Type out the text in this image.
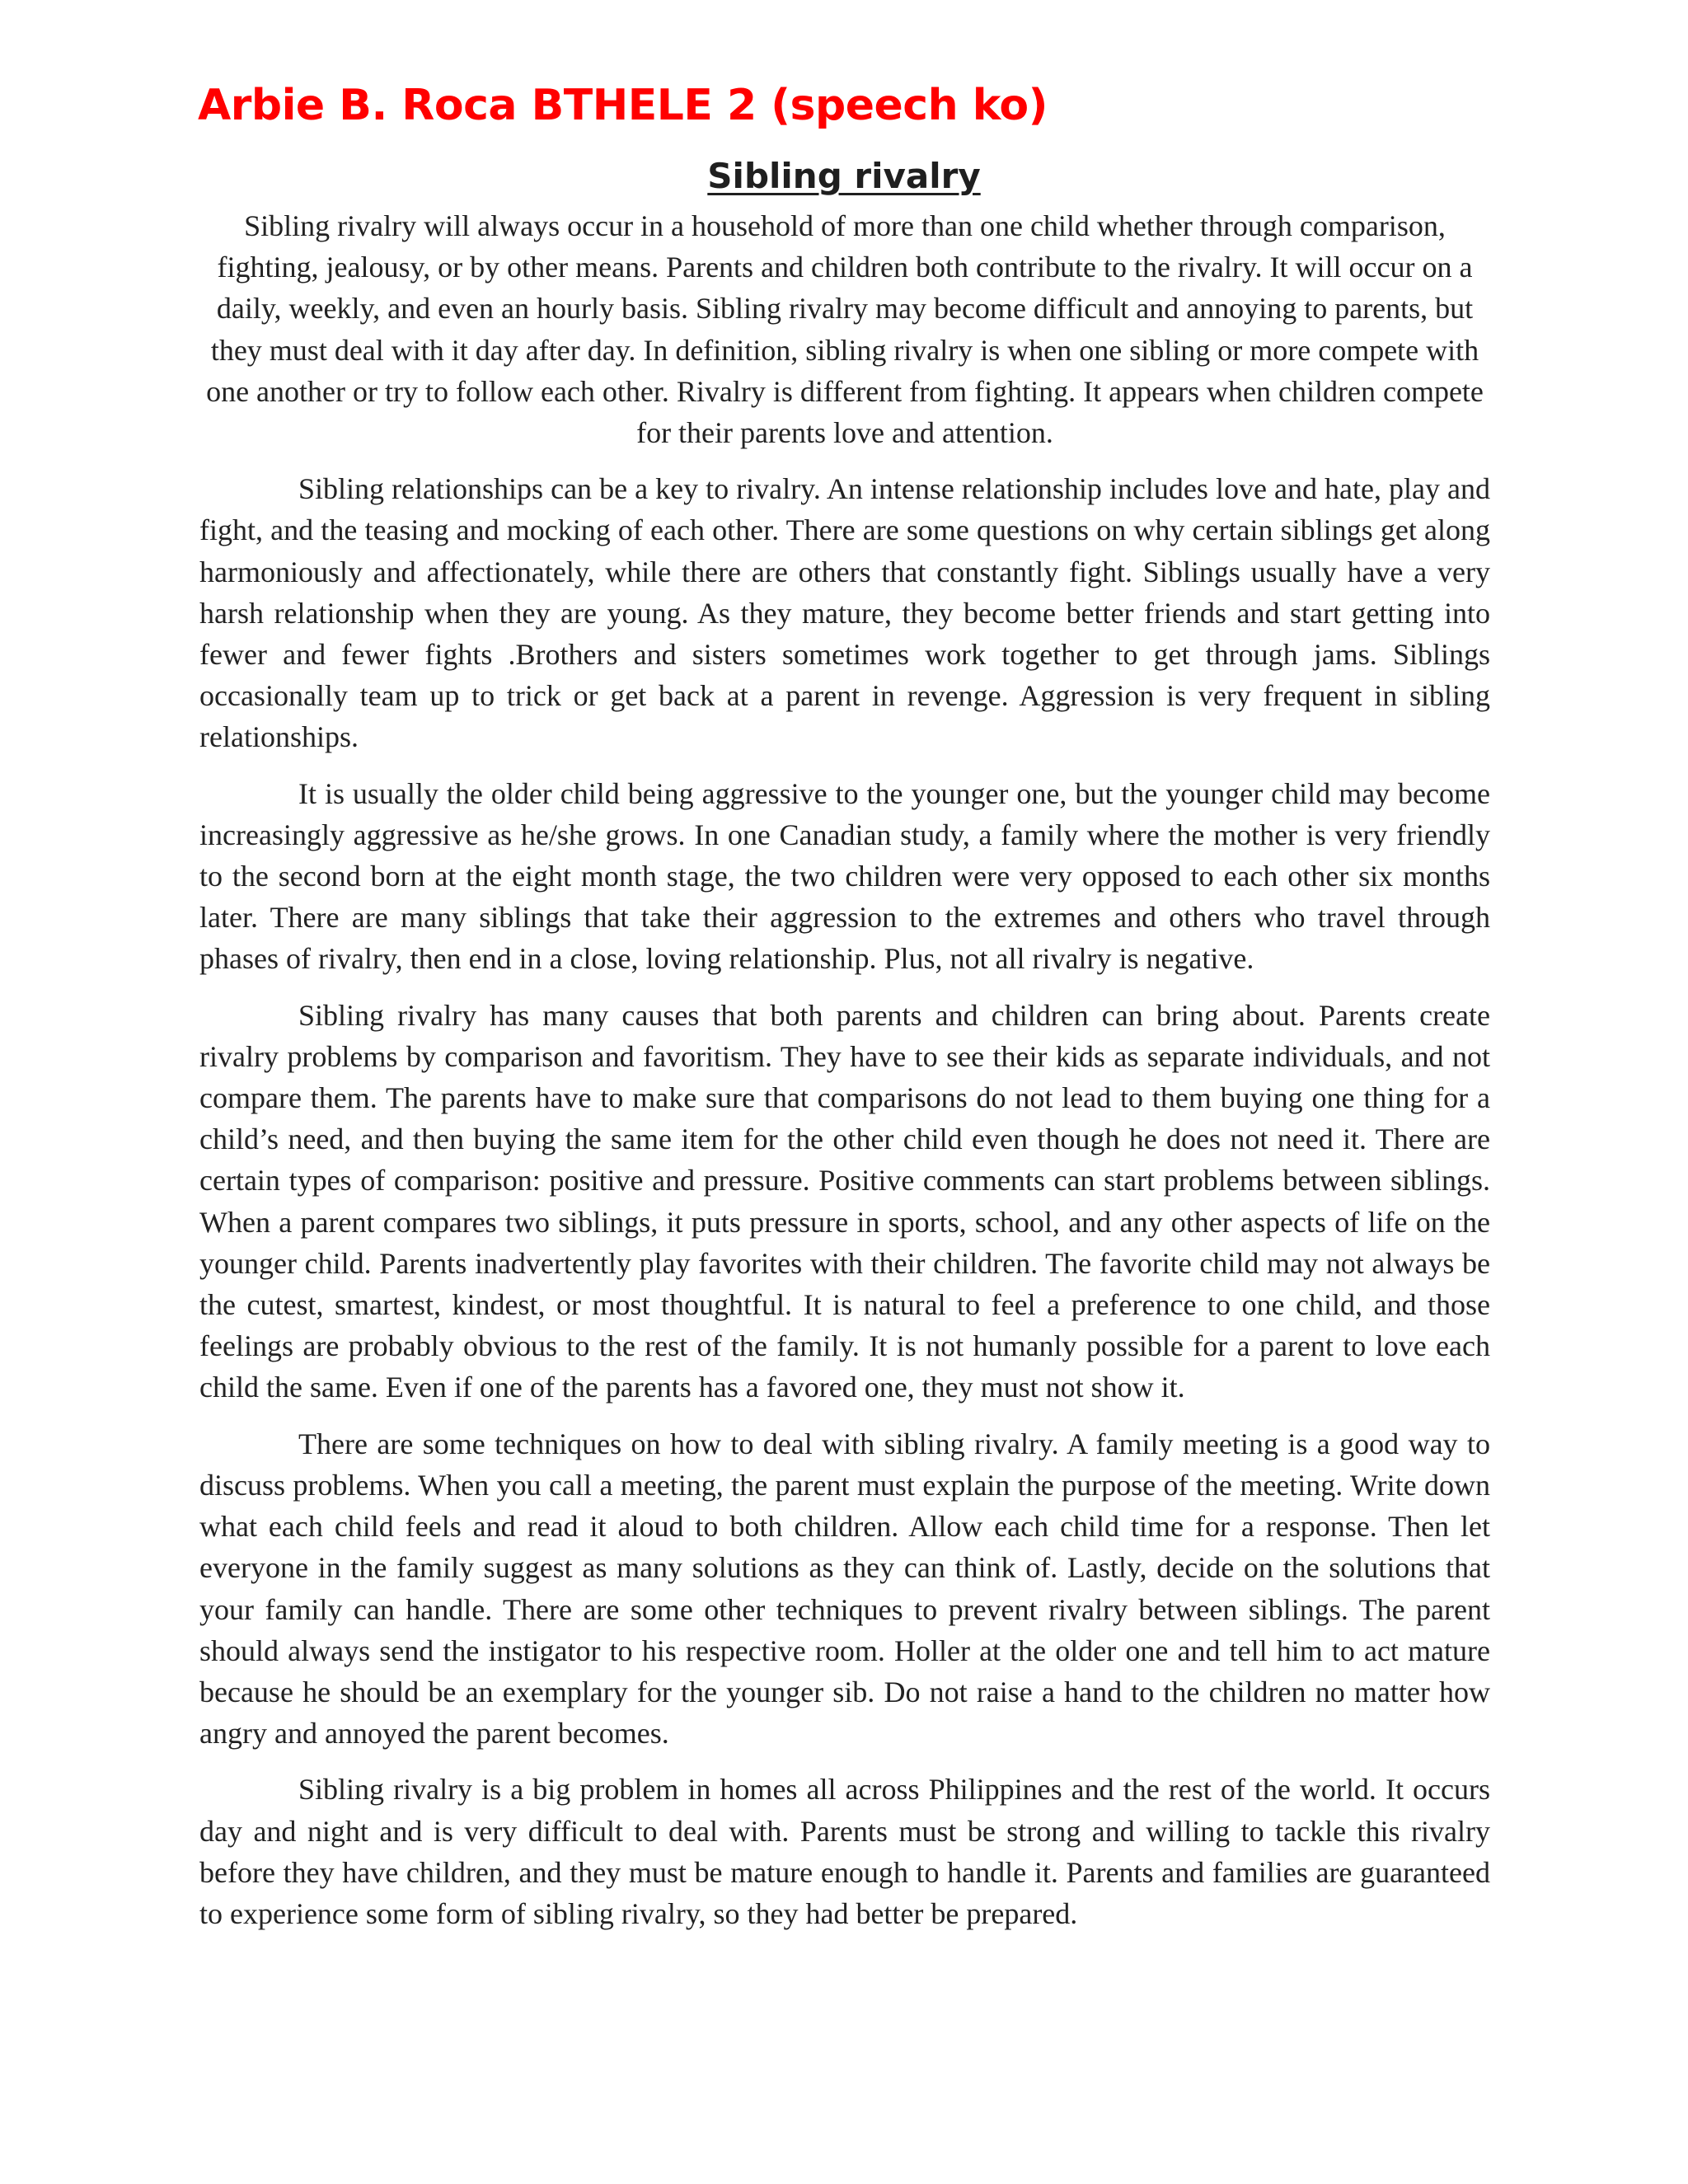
Arbie B. Roca BTHELE 2 (speech ko)
Sibling rivalry

Sibling rivalry will always occur in a household of more than one child whether through comparison, fighting, jealousy, or by other means. Parents and children both contribute to the rivalry. It will occur on a daily, weekly, and even an hourly basis. Sibling rivalry may become difficult and annoying to parents, but they must deal with it day after day. In definition, sibling rivalry is when one sibling or more compete with one another or try to follow each other. Rivalry is different from fighting. It appears when children compete for their parents love and attention.

Sibling relationships can be a key to rivalry. An intense relationship includes love and hate, play and fight, and the teasing and mocking of each other. There are some questions on why certain siblings get along harmoniously and affectionately, while there are others that constantly fight. Siblings usually have a very harsh relationship when they are young. As they mature, they become better friends and start getting into fewer and fewer fights .Brothers and sisters sometimes work together to get through jams. Siblings occasionally team up to trick or get back at a parent in revenge. Aggression is very frequent in sibling relationships.

It is usually the older child being aggressive to the younger one, but the younger child may become increasingly aggressive as he/she grows. In one Canadian study, a family where the mother is very friendly to the second born at the eight month stage, the two children were very opposed to each other six months later. There are many siblings that take their aggression to the extremes and others who travel through phases of rivalry, then end in a close, loving relationship. Plus, not all rivalry is negative.

Sibling rivalry has many causes that both parents and children can bring about. Parents create rivalry problems by comparison and favoritism. They have to see their kids as separate individuals, and not compare them. The parents have to make sure that comparisons do not lead to them buying one thing for a child’s need, and then buying the same item for the other child even though he does not need it. There are certain types of comparison: positive and pressure. Positive comments can start problems between siblings. When a parent compares two siblings, it puts pressure in sports, school, and any other aspects of life on the younger child. Parents inadvertently play favorites with their children. The favorite child may not always be the cutest, smartest, kindest, or most thoughtful. It is natural to feel a preference to one child, and those feelings are probably obvious to the rest of the family. It is not humanly possible for a parent to love each child the same. Even if one of the parents has a favored one, they must not show it.

There are some techniques on how to deal with sibling rivalry. A family meeting is a good way to discuss problems. When you call a meeting, the parent must explain the purpose of the meeting. Write down what each child feels and read it aloud to both children. Allow each child time for a response. Then let everyone in the family suggest as many solutions as they can think of. Lastly, decide on the solutions that your family can handle. There are some other techniques to prevent rivalry between siblings. The parent should always send the instigator to his respective room. Holler at the older one and tell him to act mature because he should be an exemplary for the younger sib. Do not raise a hand to the children no matter how angry and annoyed the parent becomes.

Sibling rivalry is a big problem in homes all across Philippines and the rest of the world. It occurs day and night and is very difficult to deal with. Parents must be strong and willing to tackle this rivalry before they have children, and they must be mature enough to handle it. Parents and families are guaranteed to experience some form of sibling rivalry, so they had better be prepared.
